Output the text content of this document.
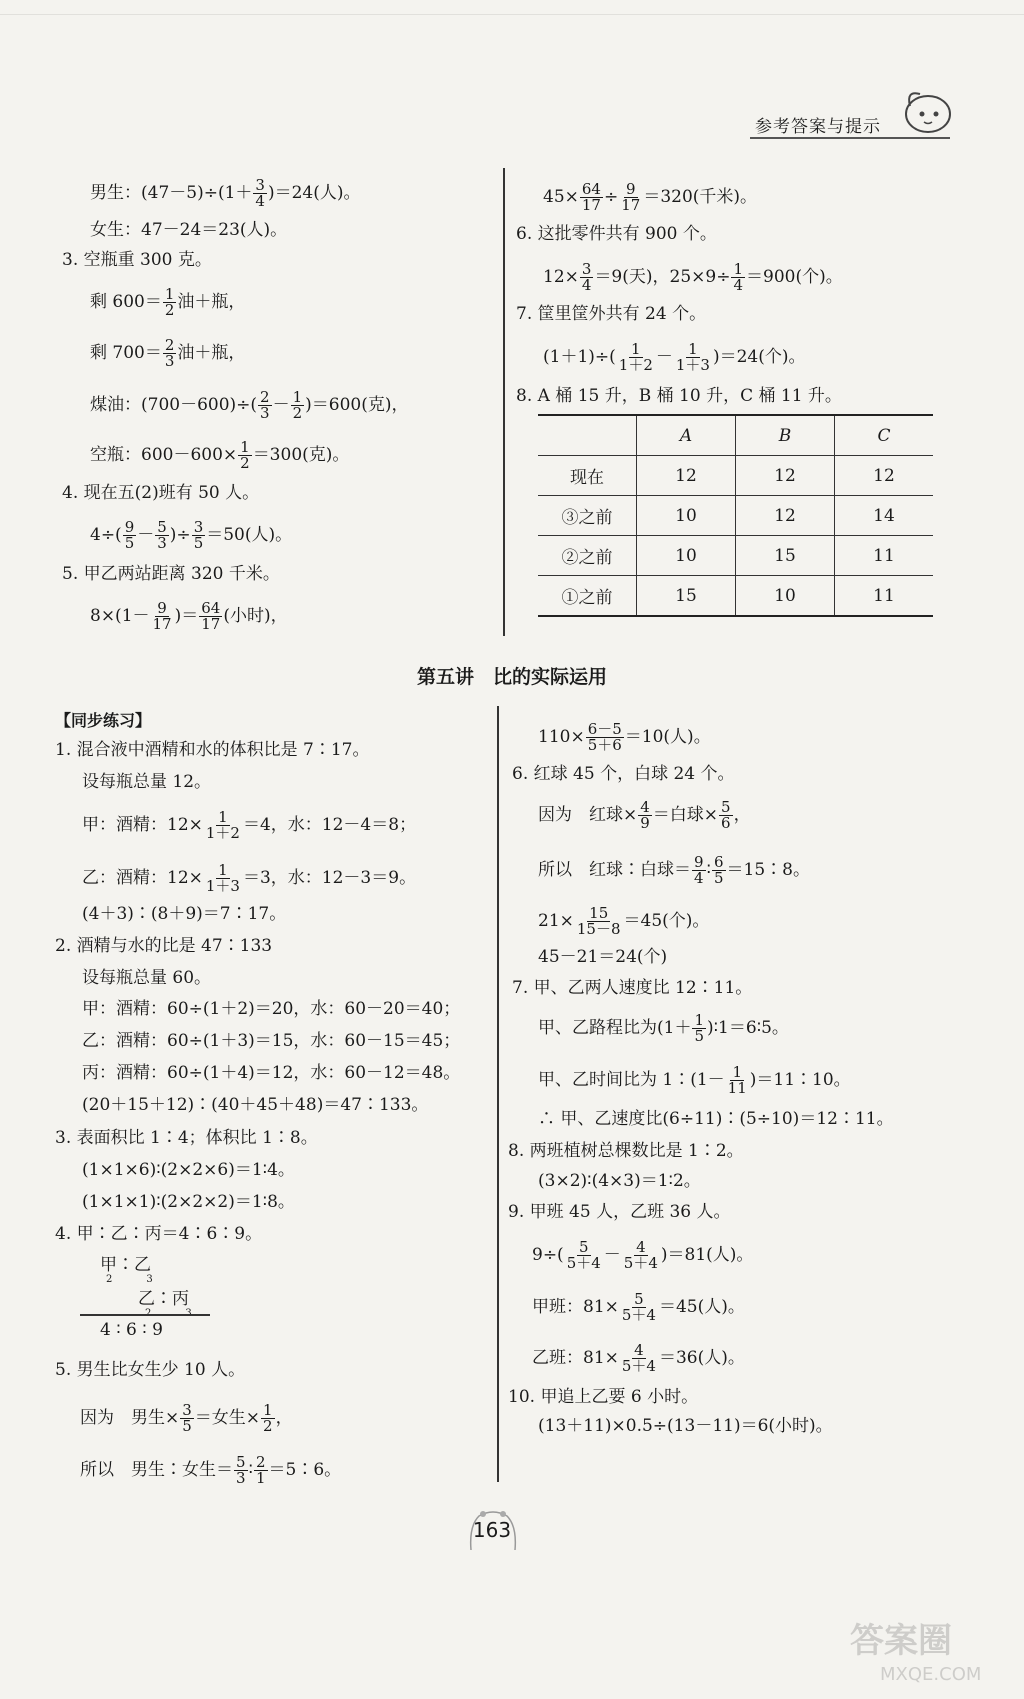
参考答案与提示
男生：$(47-5)\div(1+ \frac{3}{4} )=24$(人)。
女生：47－24＝23(人)。
3. 空瓶重 300 克。
剩 $600= \frac{1}{2}$ 油＋瓶，
剩 $700= \frac{2}{3}$ 油＋瓶，
煤油：$(700-600)\div( \frac{2}{3} - \frac{1}{2} )=600$(克)，
空瓶：$600-600\times \frac{1}{2} =300$(克)。
4. 现在五(2)班有 50 人。
$4\div( \frac{9}{5} - \frac{5}{3}$ )÷ $\frac{3}{5} =50$(人)。
5. 甲乙两站距离 320 千米。
$8\times(1- \frac{9}{17}$ )＝ $\frac{64}{17}$ (小时)，
$45\times \frac{64}{17} \div \frac{9}{17} =320$(千米)。
6. 这批零件共有 900 个。
$12\times \frac{3}{4} =9$(天)，$25\times 9\div \frac{1}{4} =900$(个)。
7. 筐里筐外共有 24 个。
$(1+1)\div( \frac{1}{1+2} - \frac{1}{1+3} )=24$(个)。
8. A 桶 15 升，B 桶 10 升，C 桶 11 升。
	A	B	C
现在	12	12	12
③之前	10	12	14
②之前	10	15	11
①之前	15	10	11
第五讲　比的实际运用
【同步练习】
1. 混合液中酒精和水的体积比是 7∶17。
设每瓶总量 12。
甲：酒精：$12\times \frac{1}{1+2} =4$，水：12－4＝8；
乙：酒精：$12\times \frac{1}{1+3} =3$，水：12－3＝9。
(4＋3)∶(8＋9)＝7∶17。
2. 酒精与水的比是 47∶133
设每瓶总量 60。
甲：酒精：60÷(1＋2)＝20，水：60－20＝40；
乙：酒精：60÷(1＋3)＝15，水：60－15＝45；
丙：酒精：60÷(1＋4)＝12，水：60－12＝48。
(20＋15＋12)∶(40＋45＋48)＝47∶133。
3. 表面积比 1∶4；体积比 1∶8。
(1×1×6)∶(2×2×6)＝1∶4。
(1×1×1)∶(2×2×2)＝1∶8。
4. 甲∶乙∶丙＝4∶6∶9。
甲∶乙
2	3
乙∶丙
4 ∶ 6 ∶ 9
5. 男生比女生少 10 人。
因为　男生× $\frac{3}{5}$ ＝女生× $\frac{1}{2}$ ，
所以　男生∶女生＝ $\frac{5}{3}$ ∶ $\frac{2}{1}$ ＝5∶6。
$110\times \frac{6-5}{5+6} =10$(人)。
6. 红球 45 个，白球 24 个。
因为　红球× $\frac{4}{9}$ ＝白球× $\frac{5}{6}$ ，
所以　红球∶白球＝ $\frac{9}{4}$ ∶ $\frac{6}{5}$ ＝15∶8。
$21\times \frac{15}{15-8} =45$(个)。
45－21＝24(个)
7. 甲、乙两人速度比 12∶11。
甲、乙路程比为($1+ \frac{1}{5}$ )∶1＝6∶5。
甲、乙时间比为 1∶(1－ $\frac{1}{11}$ )＝11∶10。
∴ 甲、乙速度比(6÷11)∶(5÷10)＝12∶11。
8. 两班植树总棵数比是 1∶2。
(3×2)∶(4×3)＝1∶2。
9. 甲班 45 人，乙班 36 人。
$9\div( \frac{5}{5+4} - \frac{4}{5+4} )=81$(人)。
甲班：$81\times \frac{5}{5+4} =45$(人)。
乙班：$81\times \frac{4}{5+4} =36$(人)。
10. 甲追上乙要 6 小时。
(13＋11)×0.5÷(13－11)＝6(小时)。
163
答案圈
MXQE.COM
